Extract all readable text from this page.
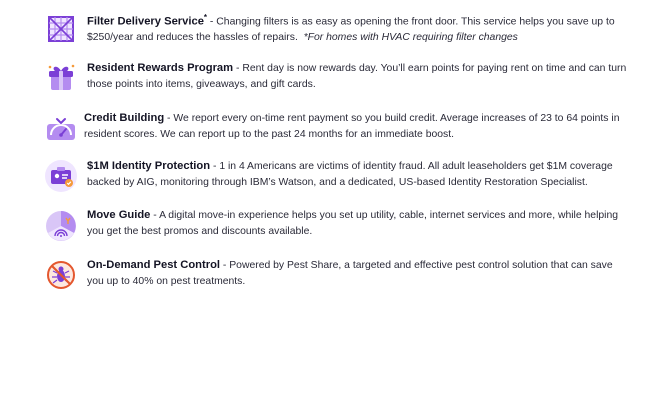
Filter Delivery Service* - Changing filters is as easy as opening the front door. This service helps you save up to $250/year and reduces the hassles of repairs. *For homes with HVAC requiring filter changes
Resident Rewards Program - Rent day is now rewards day. You’ll earn points for paying rent on time and can turn those points into items, giveaways, and gift cards.
Credit Building - We report every on-time rent payment so you build credit. Average increases of 23 to 64 points in resident scores. We can report up to the past 24 months for an immediate boost.
$1M Identity Protection - 1 in 4 Americans are victims of identity fraud. All adult leaseholders get $1M coverage backed by AIG, monitoring through IBM’s Watson, and a dedicated, US-based Identity Restoration Specialist.
Move Guide - A digital move-in experience helps you set up utility, cable, internet services and more, while helping you get the best promos and discounts available.
On-Demand Pest Control - Powered by Pest Share, a targeted and effective pest control solution that can save you up to 40% on pest treatments.
